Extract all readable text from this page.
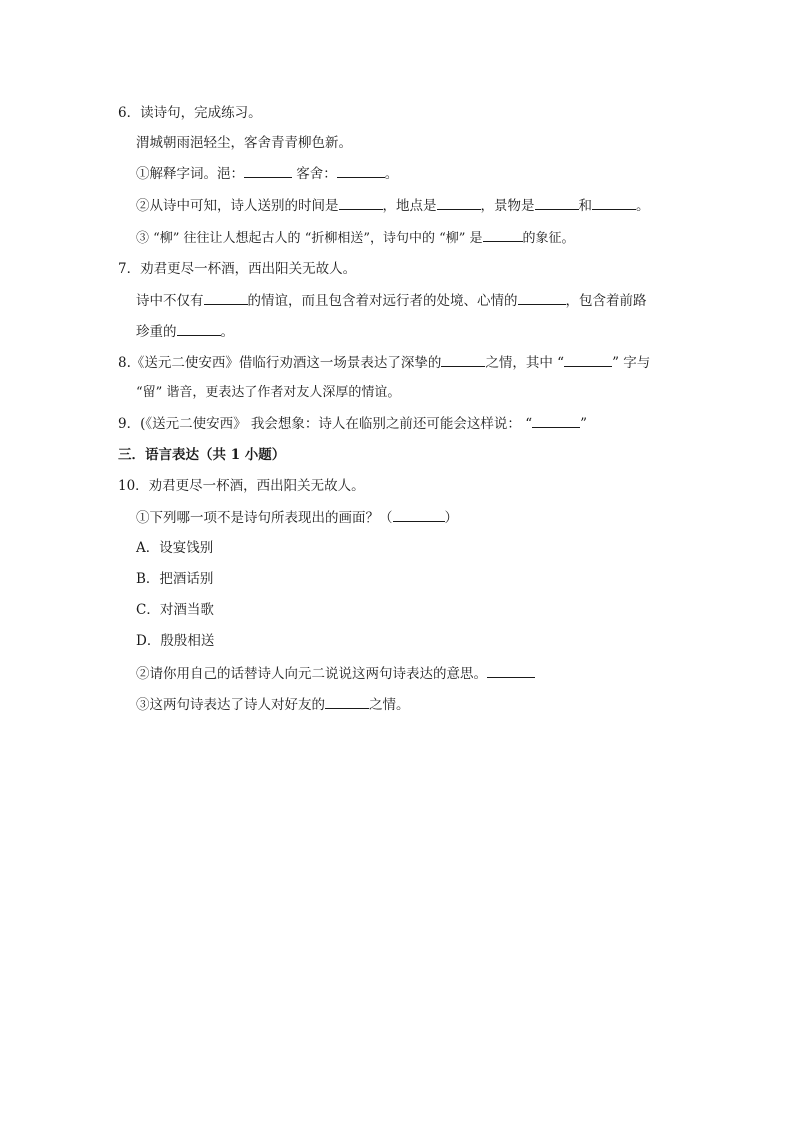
6．读诗句，完成练习。
渭城朝雨浥轻尘，客舍青青柳色新。
①解释字词。浥：	客舍：	。
②从诗中可知，诗人送别的时间是	，地点是	，景物是	和	。
③ “柳” 往往让人想起古人的 “折柳相送”，诗句中的 “柳” 是	的象征。
7．劝君更尽一杯酒，西出阳关无故人。
诗中不仅有	的情谊，而且包含着对远行者的处境、心情的	，包含着前路
珍重的	。
8.《送元二使安西》借临行劝酒这一场景表达了深挚的	之情，其中 “	” 字与
“留” 谐音，更表达了作者对友人深厚的情谊。
9．(《送元二使安西》 我会想象：诗人在临别之前还可能会这样说： “	”
三．语言表达（共 1 小题）
10．劝君更尽一杯酒，西出阳关无故人。
①下列哪一项不是诗句所表现出的画面？（	）
A．设宴饯别
B．把酒话别
C．对酒当歌
D．殷殷相送
②请你用自己的话替诗人向元二说说这两句诗表达的意思。
③这两句诗表达了诗人对好友的	之情。
